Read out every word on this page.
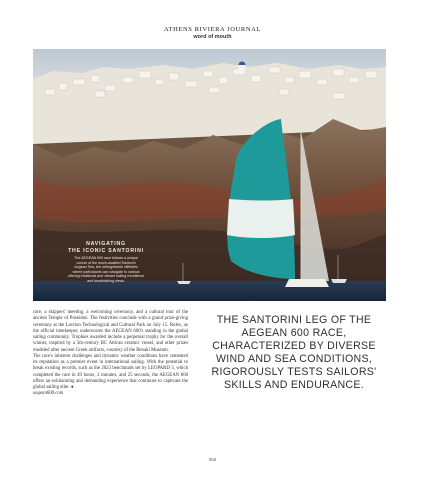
ATHENS RIVIERA JOURNAL
word of mouth
NAVIGATING
THE ICONIC SANTORINI
The AEGEAN 600 race follows a unique
course of the much-awaited Santorini
Aegean Sea, the unforgettable cliffsides
where participants can navigate to various
offering traditional and vibrant sailing excellence
and breathtaking views.

race, a skippers' meeting, a welcoming ceremony, and a cultural tour of the ancient Temple of Poseidon. The festivities conclude with a grand prize-giving ceremony at the Lavrion Technological and Cultural Park on July 15. Rolex, as the official timekeeper, underscores the AEGEAN 600's standing in the global sailing community. Trophies awarded include a perpetual trophy for the overall winner, inspired by a 5th-century BC Attican ceramic vessel, and other prizes modeled after ancient Greek artifacts, courtesy of the Benaki Museum.

The race's inherent challenges and dynamic weather conditions have cemented its reputation as a premier event in international sailing. With the potential to break existing records, such as the 2023 benchmark set by LEOPARD 3, which completed the race in 49 hours, 2 minutes, and 25 seconds, the AEGEAN 600 offers an exhilarating and demanding experience that continues to captivate the global sailing elite. ●

aegean600.com

THE SANTORINI LEG OF THE AEGEAN 600 RACE, CHARACTERIZED BY DIVERSE WIND AND SEA CONDITIONS, RIGOROUSLY TESTS SAILORS' SKILLS AND ENDURANCE.
055
